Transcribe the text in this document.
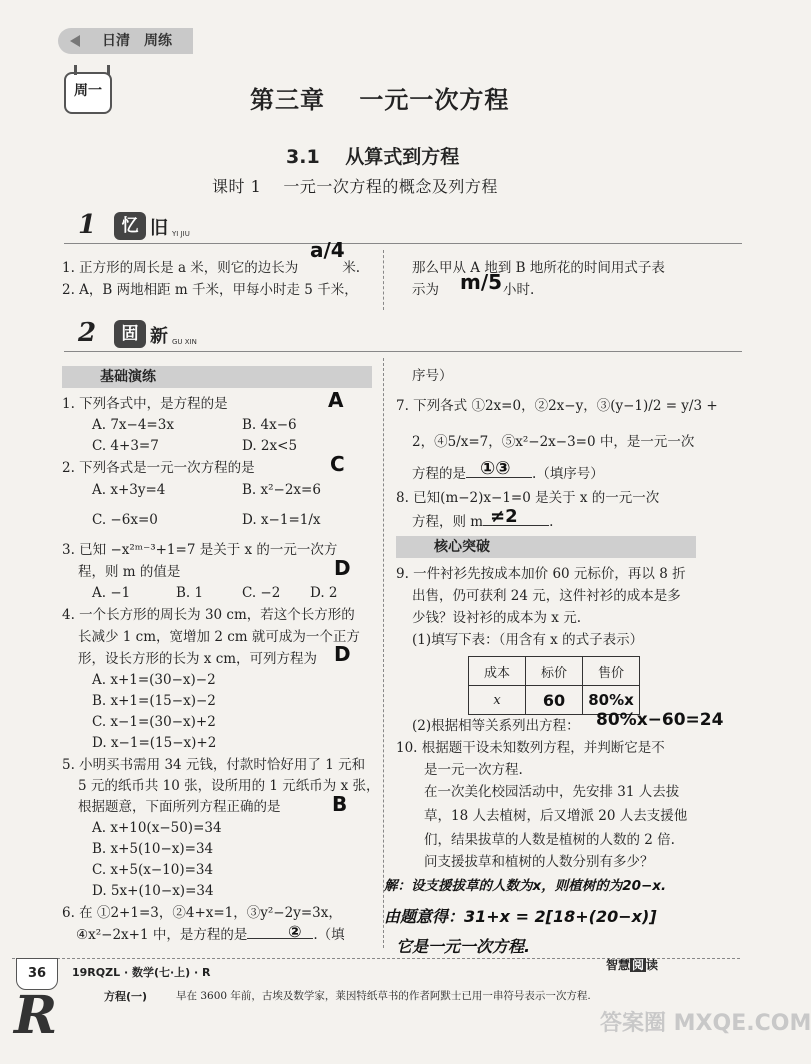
日清　周练
周一	第三章　 一元一次方程
3.1　 从算式到方程
课时 1　 一元一次方程的概念及列方程
1	忆 旧 YI JIU
1. 正方形的周长是 a 米，则它的边长为	米.
a/4
2. A，B 两地相距 m 千米，甲每小时走 5 千米，
那么甲从 A 地到 B 地所花的时间用式子表
示为	小时.
m/5
2	固 新 GU XIN
基础演练
1. 下列各式中，是方程的是	A
A. 7x−4=3x	B. 4x−6
C. 4+3=7	D. 2x<5
2. 下列各式是一元一次方程的是	C
A. x+3y=4	B. x²−2x=6
C. −6x=0	D. x−1=1/x
3. 已知 −x²ᵐ⁻³+1=7 是关于 x 的一元一次方
程，则 m 的值是	D
A. −1	B. 1	C. −2 D. 2
4. 一个长方形的周长为 30 cm，若这个长方形的
长减少 1 cm，宽增加 2 cm 就可成为一个正方
形，设长方形的长为 x cm，可列方程为 D
A. x+1=(30−x)−2
B. x+1=(15−x)−2
C. x−1=(30−x)+2
D. x−1=(15−x)+2
5. 小明买书需用 34 元钱，付款时恰好用了 1 元和
5 元的纸币共 10 张，设所用的 1 元纸币为 x 张，
根据题意，下面所列方程正确的是	B
A. x+10(x−50)=34
B. x+5(10−x)=34
C. x+5(x−10)=34
D. 5x+(10−x)=34
6. 在 ①2+1=3，②4+x=1，③y²−2y=3x，
④x²−2x+1 中，是方程的是	.（填
②
序号）
7. 下列各式 ①2x=0，②2x−y，③(y−1)/2 = y/3 +
2，④5/x=7，⑤x²−2x−3=0 中，是一元一次
方程的是	.（填序号）
①③
8. 已知(m−2)x−1=0 是关于 x 的一元一次
方程，则 m	.
≠2
核心突破
9. 一件衬衫先按成本加价 60 元标价，再以 8 折
出售，仍可获利 24 元，这件衬衫的成本是多
少钱？设衬衫的成本为 x 元.
(1)填写下表：（用含有 x 的式子表示）
成本	标价	售价
x	60	80%x
(2)根据相等关系列出方程： 80%x−60=24
10. 根据题干设未知数列方程，并判断它是不
是一元一次方程.
在一次美化校园活动中，先安排 31 人去拔
草，18 人去植树，后又增派 20 人去支援他
们，结果拔草的人数是植树的人数的 2 倍.
问支援拔草和植树的人数分别有多少？
解：设支援拔草的人数为x，则植树的为20−x.
由题意得：31+x = 2[18+(20−x)]
它是一元一次方程.
36	19RQZL · 数学(七·上) · R
智慧 阅 读
R	方程(一)	早在 3600 年前，古埃及数学家，莱因特纸草书的作者阿默士已用一串符号表示一次方程.
答案圈 MXQE.COM
